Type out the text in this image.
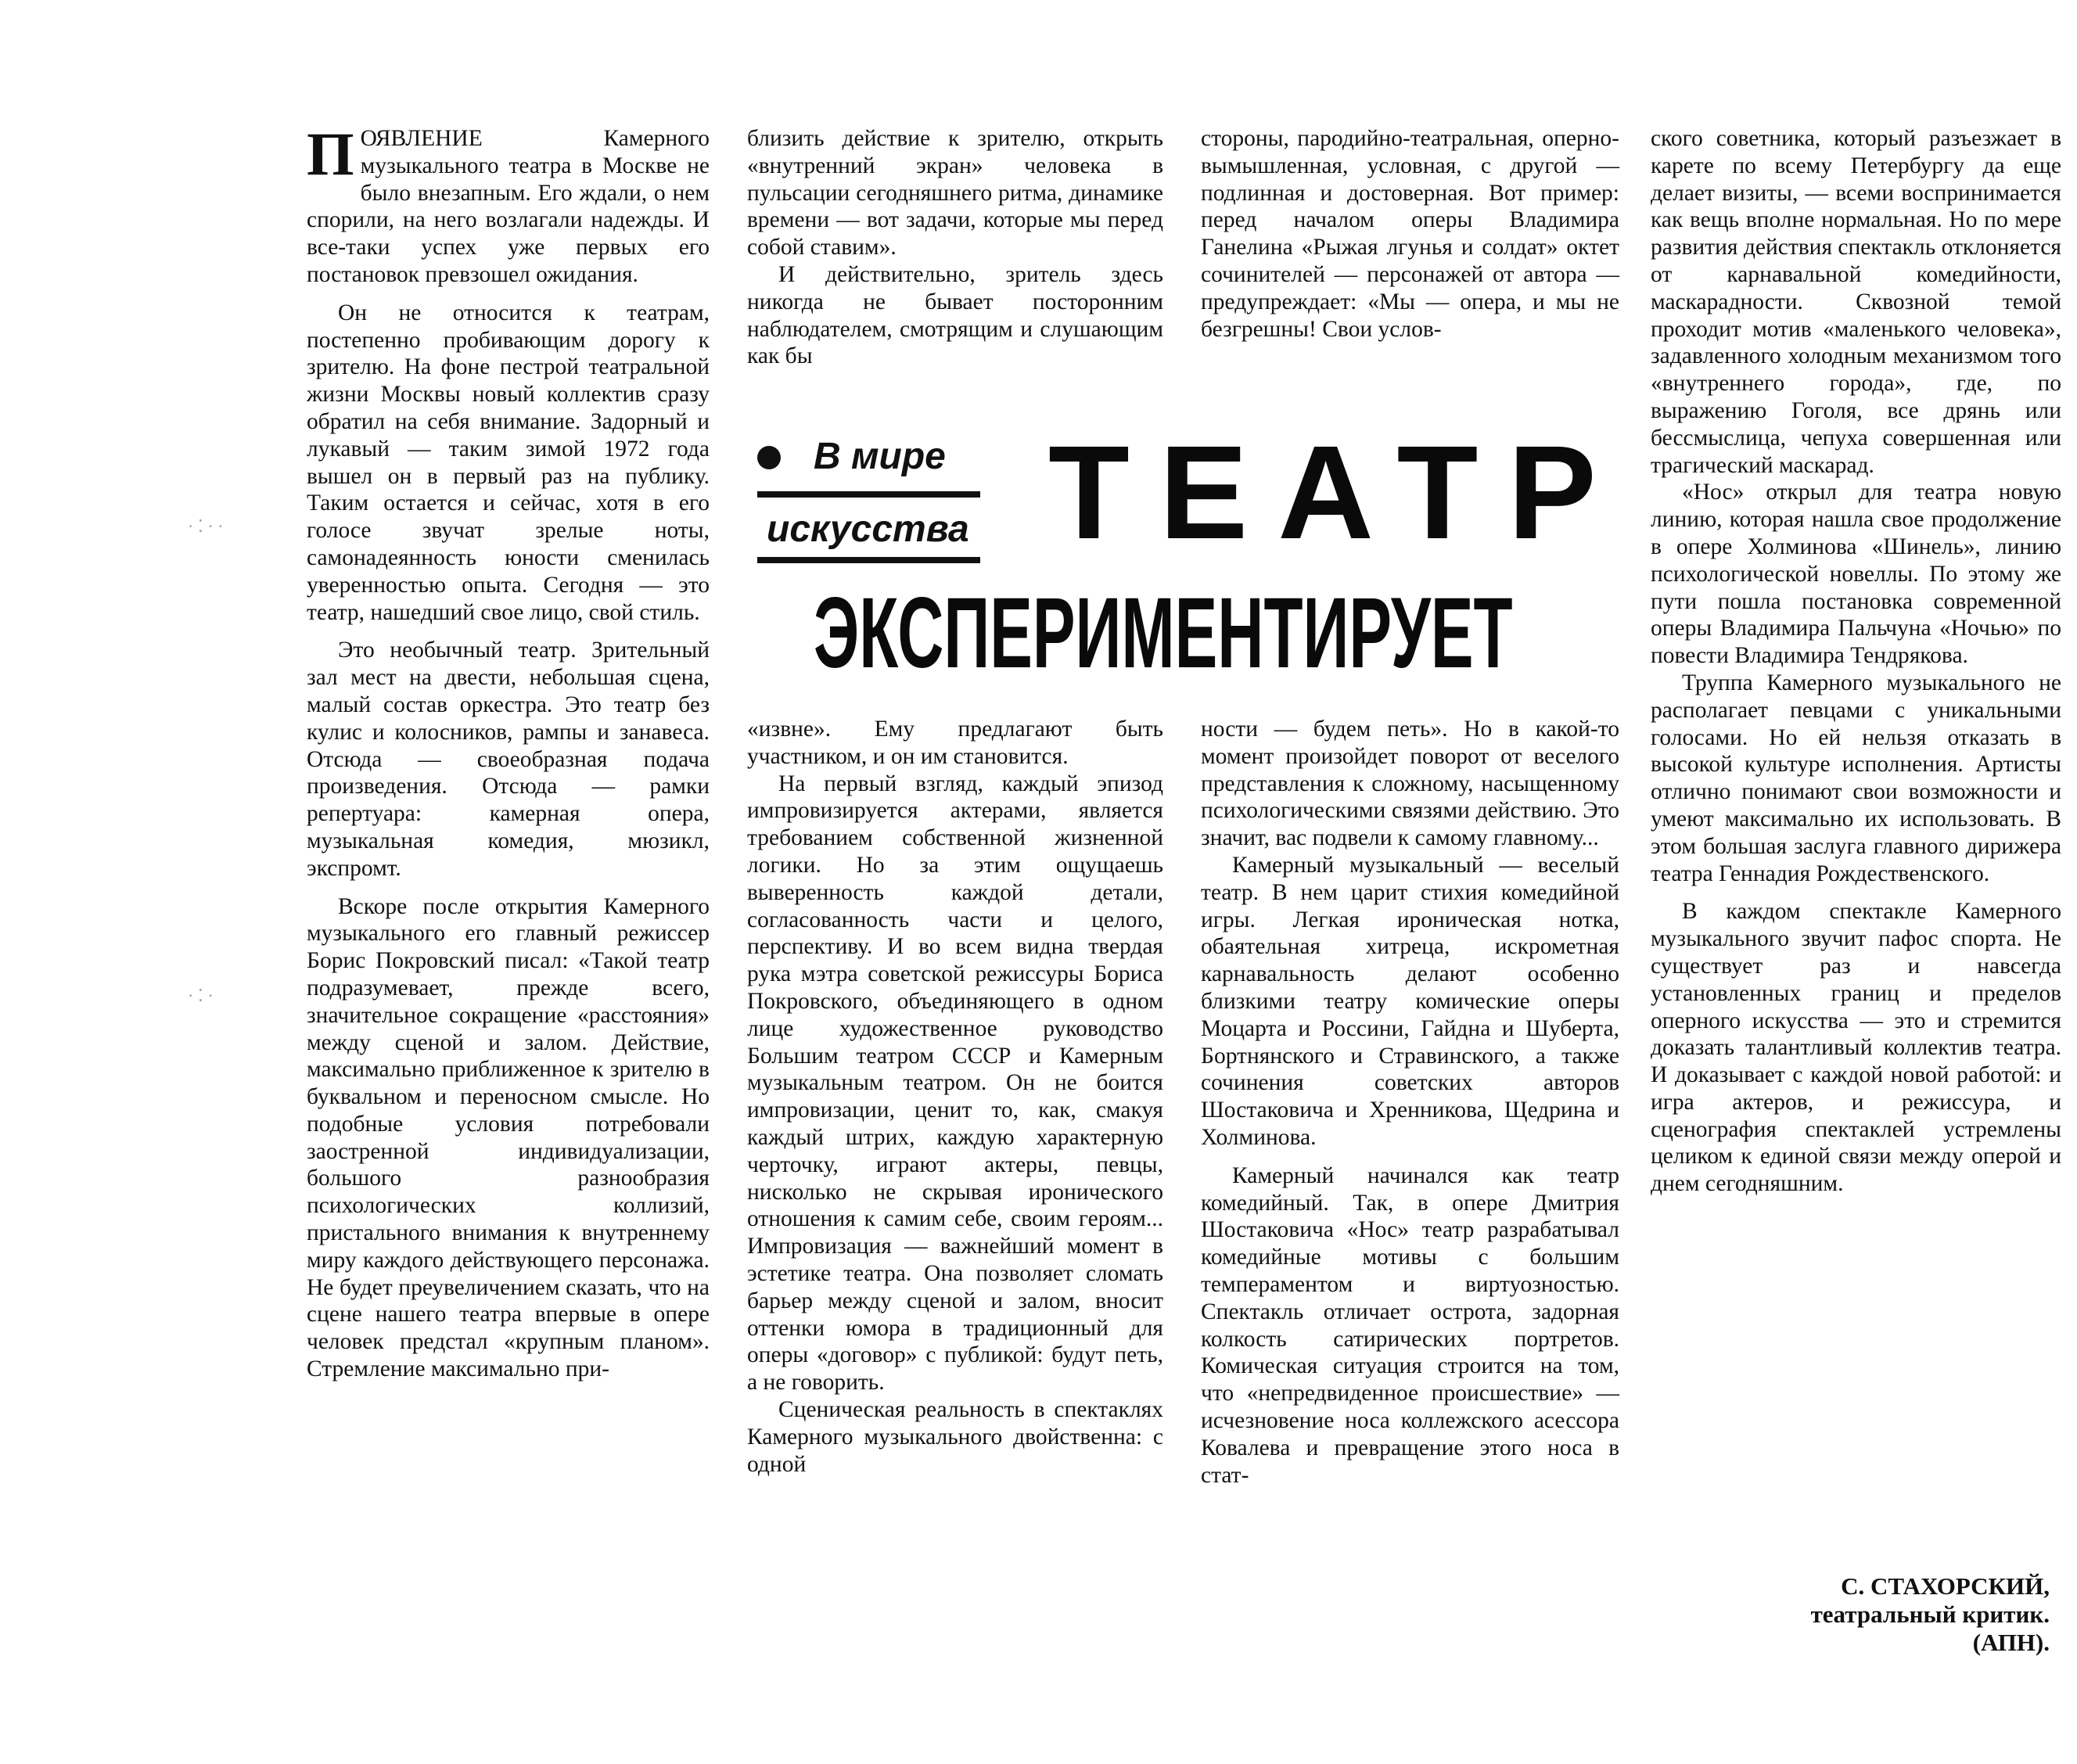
· ⁚ · ·
· ⁚ ·

ПОЯВЛЕНИЕ Камерного музыкального театра в Москве не было внезапным. Его ждали, о нем спорили, на него возлагали надежды. И все-таки успех уже первых его постановок превзошел ожидания.

Он не относится к театрам, постепенно пробивающим дорогу к зрителю. На фоне пестрой театральной жизни Москвы новый коллектив сразу обратил на себя внимание. Задорный и лукавый — таким зимой 1972 года вышел он в первый раз на публику. Таким остается и сейчас, хотя в его голосе звучат зрелые ноты, самонадеянность юности сменилась уверенностью опыта. Сегодня — это театр, нашедший свое лицо, свой стиль.

Это необычный театр. Зрительный зал мест на двести, небольшая сцена, малый состав оркестра. Это театр без кулис и колосников, рампы и занавеса. Отсюда — своеобразная подача произведения. Отсюда — рамки репертуара: камерная опера, музыкальная комедия, мюзикл, экспромт.

Вскоре после открытия Камерного музыкального его главный режиссер Борис Покровский писал: «Такой театр подразумевает, прежде всего, значительное сокращение «расстояния» между сценой и залом. Действие, максимально приближенное к зрителю в буквальном и переносном смысле. Но подобные условия потребовали заостренной индивидуализации, большого разнообразия психологических коллизий, пристального внимания к внутреннему миру каждого действующего персонажа. Не будет преувеличением сказать, что на сцене нашего театра впервые в опере человек предстал «крупным планом». Стремление максимально при-

близить действие к зрителю, открыть «внутренний экран» человека в пульсации сегодняшнего ритма, динамике времени — вот задачи, которые мы перед собой ставим».

И действительно, зритель здесь никогда не бывает посторонним наблюдателем, смотрящим и слушающим как бы

стороны, пародийно-театральная, оперно-вымышленная, условная, с другой — подлинная и достоверная. Вот пример: перед началом оперы Владимира Ганелина «Рыжая лгунья и солдат» октет сочинителей — персонажей от автора — предупреждает: «Мы — опера, и мы не безгрешны! Свои услов-

В мире
искусства ТЕАТР
ЭКСПЕРИМЕНТИРУЕТ

«извне». Ему предлагают быть участником, и он им становится.

На первый взгляд, каждый эпизод импровизируется актерами, является требованием собственной жизненной логики. Но за этим ощущаешь выверенность каждой детали, согласованность части и целого, перспективу. И во всем видна твердая рука мэтра советской режиссуры Бориса Покровского, объединяющего в одном лице художественное руководство Большим театром СССР и Камерным музыкальным театром. Он не боится импровизации, ценит то, как, смакуя каждый штрих, каждую характерную черточку, играют актеры, певцы, нисколько не скрывая иронического отношения к самим себе, своим героям... Импровизация — важнейший момент в эстетике театра. Она позволяет сломать барьер между сценой и залом, вносит оттенки юмора в традиционный для оперы «договор» с публикой: будут петь, а не говорить.

Сценическая реальность в спектаклях Камерного музыкального двойственна: с одной

ности — будем петь». Но в какой-то момент произойдет поворот от веселого представления к сложному, насыщенному психологическими связями действию. Это значит, вас подвели к самому главному...

Камерный музыкальный — веселый театр. В нем царит стихия комедийной игры. Легкая ироническая нотка, обаятельная хитреца, искрометная карнавальность делают особенно близкими театру комические оперы Моцарта и Россини, Гайдна и Шуберта, Бортнянского и Стравинского, а также сочинения советских авторов Шостаковича и Хренникова, Щедрина и Холминова.

Камерный начинался как театр комедийный. Так, в опере Дмитрия Шостаковича «Нос» театр разрабатывал комедийные мотивы с большим темпераментом и виртуозностью. Спектакль отличает острота, задорная колкость сатирических портретов. Комическая ситуация строится на том, что «непредвиденное происшествие» — исчезновение носа коллежского асессора Ковалева и превращение этого носа в стат-

ского советника, который разъезжает в карете по всему Петербургу да еще делает визиты, — всеми воспринимается как вещь вполне нормальная. Но по мере развития действия спектакль отклоняется от карнавальной комедийности, маскарадности. Сквозной темой проходит мотив «маленького человека», задавленного холодным механизмом того «внутреннего города», где, по выражению Гоголя, все дрянь или бессмыслица, чепуха совершенная или трагический маскарад.

«Нос» открыл для театра новую линию, которая нашла свое продолжение в опере Холминова «Шинель», линию психологической новеллы. По этому же пути пошла постановка современной оперы Владимира Пальчуна «Ночью» по повести Владимира Тендрякова.

Труппа Камерного музыкального не располагает певцами с уникальными голосами. Но ей нельзя отказать в высокой культуре исполнения. Артисты отлично понимают свои возможности и умеют максимально их использовать. В этом большая заслуга главного дирижера театра Геннадия Рождественского.

В каждом спектакле Камерного музыкального звучит пафос спорта. Не существует раз и навсегда установленных границ и пределов оперного искусства — это и стремится доказать талантливый коллектив театра. И доказывает с каждой новой работой: и игра актеров, и режиссура, и сценография спектаклей устремлены целиком к единой связи между оперой и днем сегодняшним.

С. СТАХОРСКИЙ,
театральный критик.
(АПН).
